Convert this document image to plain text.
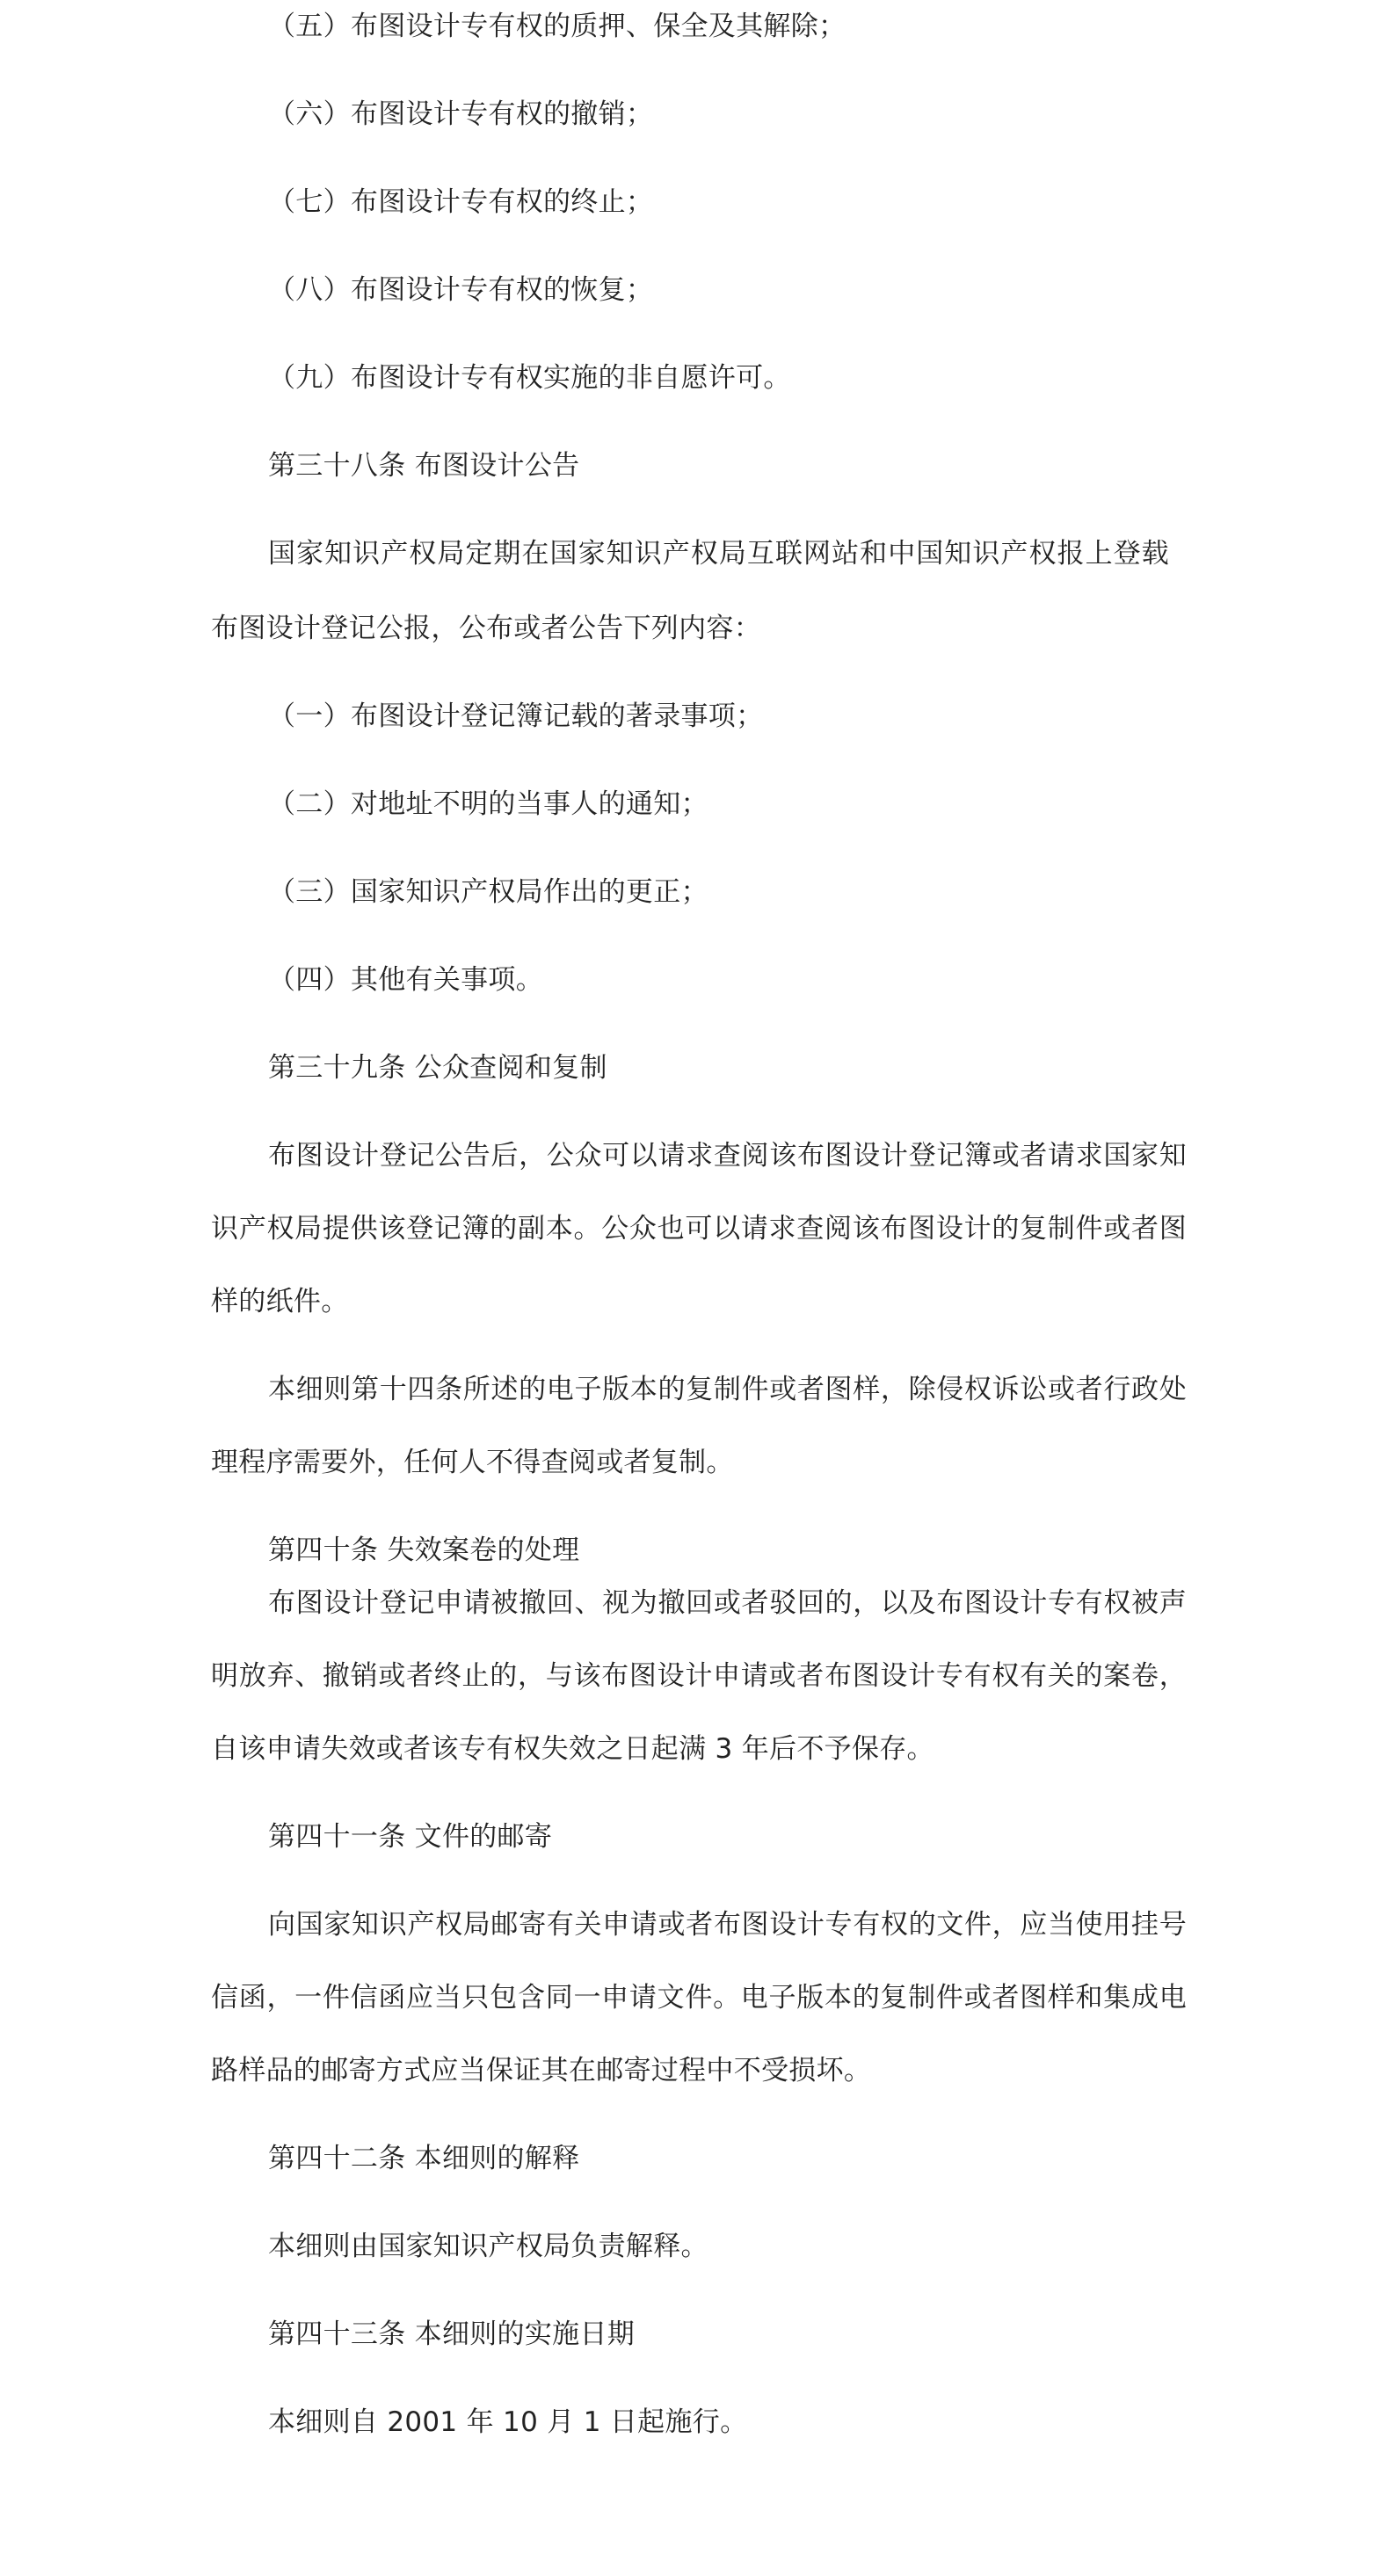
（五）布图设计专有权的质押、保全及其解除；
（六）布图设计专有权的撤销；
（七）布图设计专有权的终止；
（八）布图设计专有权的恢复；
（九）布图设计专有权实施的非自愿许可。
第三十八条 布图设计公告
国家知识产权局定期在国家知识产权局互联网站和中国知识产权报上登载
布图设计登记公报，公布或者公告下列内容：
（一）布图设计登记簿记载的著录事项；
（二）对地址不明的当事人的通知；
（三）国家知识产权局作出的更正；
（四）其他有关事项。
第三十九条 公众查阅和复制
布图设计登记公告后，公众可以请求查阅该布图设计登记簿或者请求国家知
识产权局提供该登记簿的副本。公众也可以请求查阅该布图设计的复制件或者图
样的纸件。
本细则第十四条所述的电子版本的复制件或者图样，除侵权诉讼或者行政处
理程序需要外，任何人不得查阅或者复制。
第四十条 失效案卷的处理
布图设计登记申请被撤回、视为撤回或者驳回的，以及布图设计专有权被声
明放弃、撤销或者终止的，与该布图设计申请或者布图设计专有权有关的案卷，
自该申请失效或者该专有权失效之日起满 3 年后不予保存。
第四十一条 文件的邮寄
向国家知识产权局邮寄有关申请或者布图设计专有权的文件，应当使用挂号
信函，一件信函应当只包含同一申请文件。电子版本的复制件或者图样和集成电
路样品的邮寄方式应当保证其在邮寄过程中不受损坏。
第四十二条 本细则的解释
本细则由国家知识产权局负责解释。
第四十三条 本细则的实施日期
本细则自 2001 年 10 月 1 日起施行。
